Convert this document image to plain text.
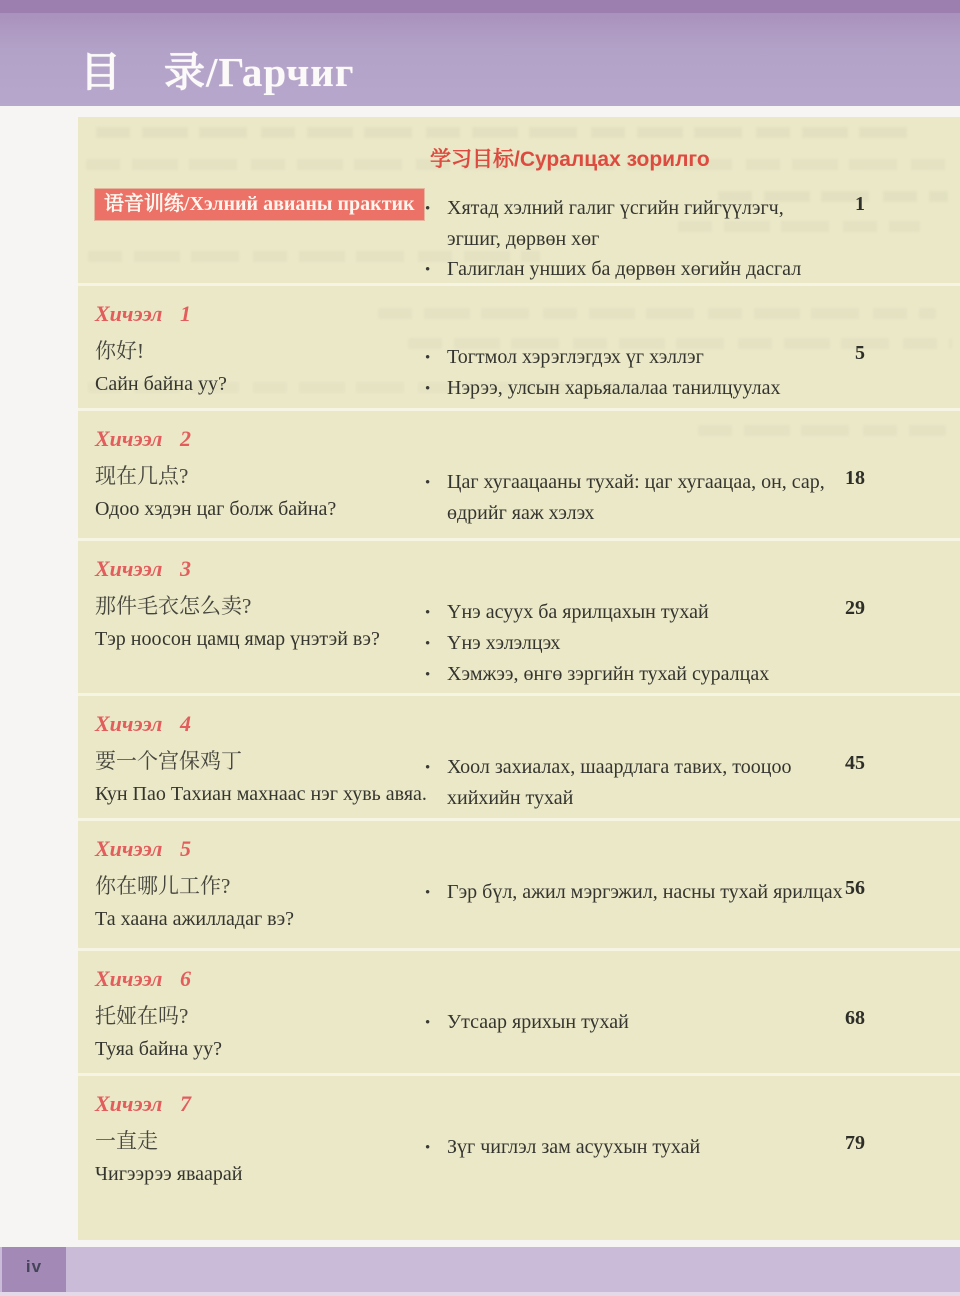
目　录/Гарчиг
学习目标/Суралцах зорилго
语音训练/Хэлний авианы практик • Хятад хэлний галиг үсгийн гийгүүлэгч,
эгшиг, дөрвөн хөг
• Галиглан унших ба дөрвөн хөгийн дасгал
1
Хичээл 1
你好!
Сайн байна уу?
• Тогтмол хэрэглэгдэх үг хэллэг
• Нэрээ, улсын харьяалалаа танилцуулах
5
Хичээл 2
现在几点?
Одоо хэдэн цаг болж байна?
• Цаг хугаацааны тухай: цаг хугаацаа, он, сар,
өдрийг яаж хэлэх
18
Хичээл 3
那件毛衣怎么卖?
Тэр ноосон цамц ямар үнэтэй вэ?
• Үнэ асуух ба ярилцахын тухай
• Үнэ хэлэлцэх
• Хэмжээ, өнгө зэргийн тухай суралцах
29
Хичээл 4
要一个宫保鸡丁
Кун Пао Тахиан махнаас нэг хувь авяа.
• Хоол захиалах, шаардлага тавих, тооцоо
хийхийн тухай
45
Хичээл 5
你在哪儿工作?
Та хаана ажилладаг вэ?
• Гэр бүл, ажил мэргэжил, насны тухай ярилцах 56
Хичээл 6
托娅在吗?
Туяа байна уу?
• Утсаар ярихын тухай	68
Хичээл 7
一直走
Чигээрээ яваарай
• Зүг чиглэл зам асуухын тухай	79
iv
